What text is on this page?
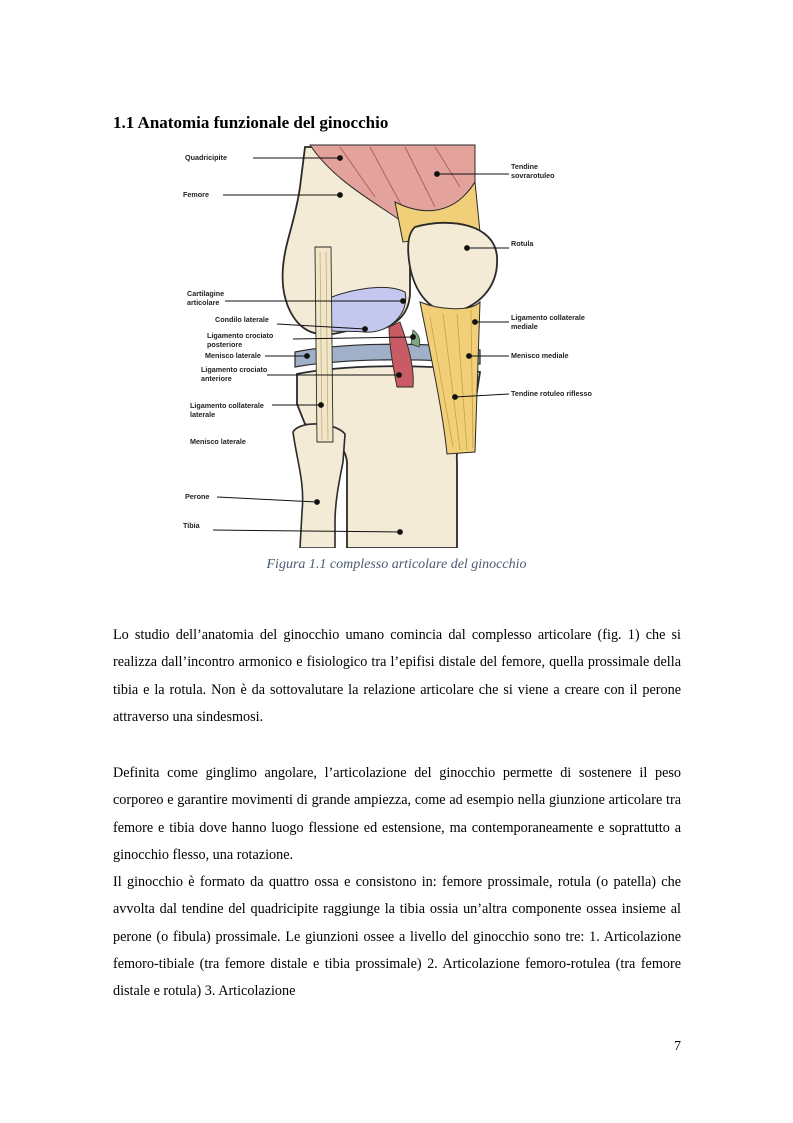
1.1 Anatomia funzionale del ginocchio
Quadricipite
Femore
Cartilagine
articolare
Condilo laterale
Ligamento crociato
posteriore
Menisco laterale
Ligamento crociato
anteriore
Ligamento collaterale
laterale
Menisco laterale
Perone
Tibia
Tendine
sovrarotuleo
Rotula
Ligamento collaterale
mediale
Menisco mediale
Tendine rotuleo riflesso
Figura 1.1 complesso articolare del ginocchio

Lo studio dell’anatomia del ginocchio umano comincia dal complesso articolare (fig. 1) che si realizza dall’incontro armonico e fisiologico tra l’epifisi distale del femore, quella prossimale della tibia e la rotula. Non è da sottovalutare la relazione articolare che si viene a creare con il perone attraverso una sindesmosi.

Definita come ginglimo angolare, l’articolazione del ginocchio permette di sostenere il peso corporeo e garantire movimenti di grande ampiezza, come ad esempio nella giunzione articolare tra femore e tibia dove hanno luogo flessione ed estensione, ma contemporaneamente e soprattutto a ginocchio flesso, una rotazione.

Il ginocchio è formato da quattro ossa e consistono in: femore prossimale, rotula (o patella) che avvolta dal tendine del quadricipite raggiunge la tibia ossia un’altra componente ossea insieme al perone (o fibula) prossimale. Le giunzioni ossee a livello del ginocchio sono tre: 1. Articolazione femoro-tibiale (tra femore distale e tibia prossimale) 2. Articolazione femoro-rotulea (tra femore distale e rotula) 3. Articolazione

7
